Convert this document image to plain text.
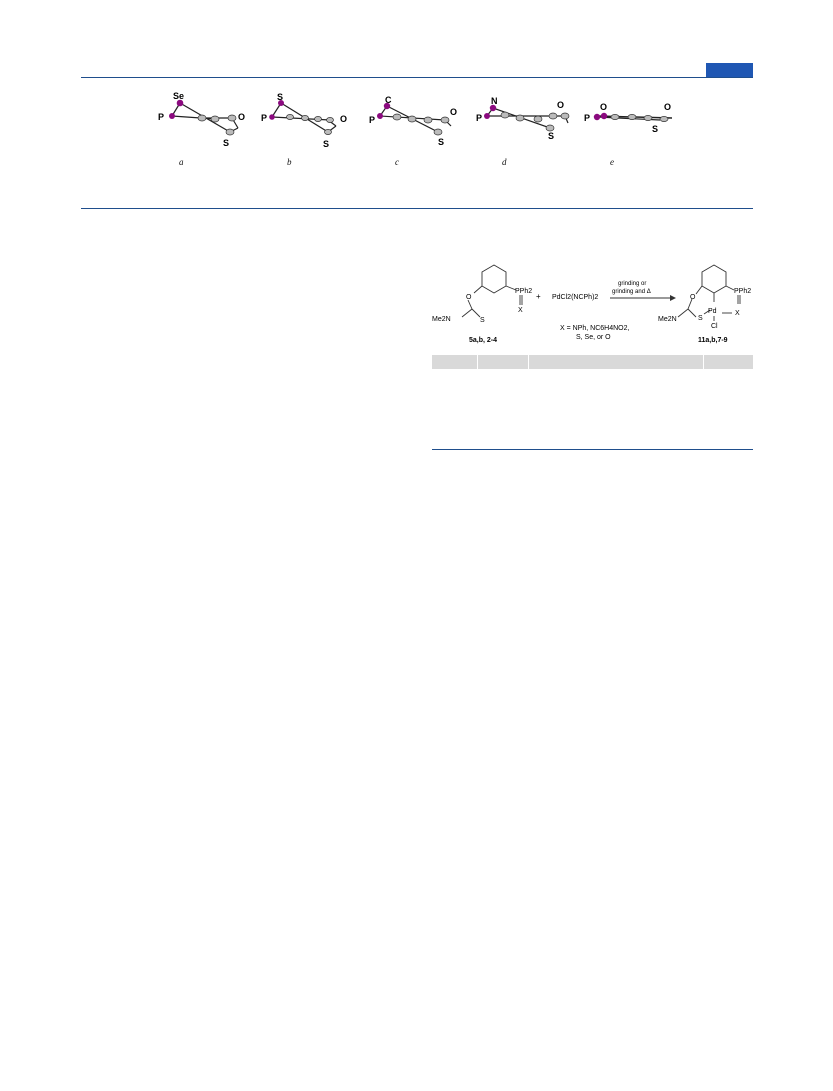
Se
P	O
S
S
P	O
S
C
P
O
S
N
P
O
S
O
P
O
S
a	b	c	d	e
O
PPh2
X
Me2N	S
5a,b, 2-4
+ PdCl2(NCPh)2
grinding or
grinding and Δ
X = NPh, NC6H4NO2,
S, Se, or O
O
PPh2
Pd	X
Me2N	S
Cl
11a,b,7-9
